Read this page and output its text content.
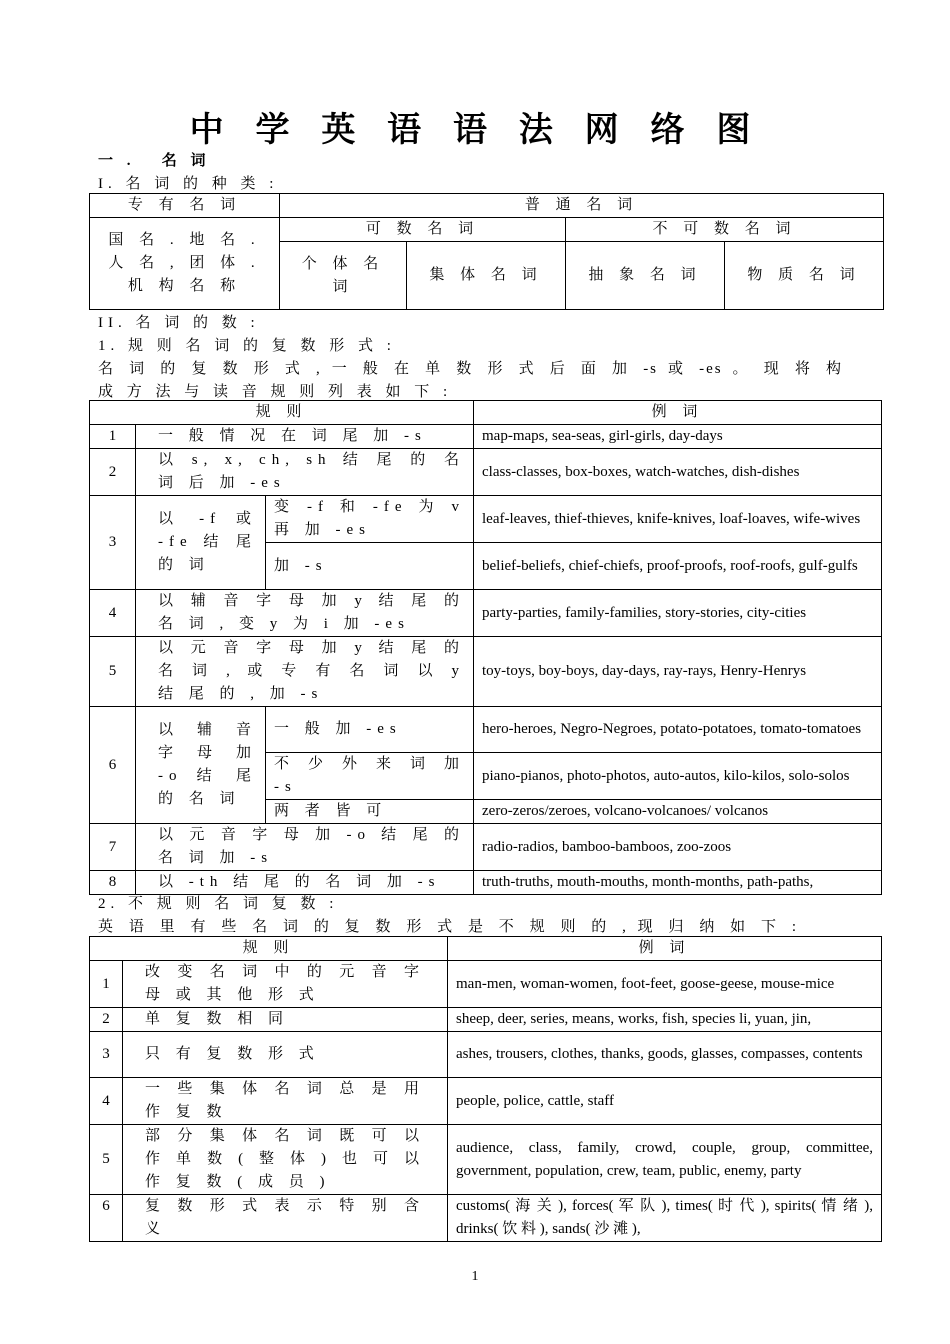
中 学 英 语 语 法 网 络 图
一 . 名 词
I. 名 词 的 种 类 :
专 有 名 词	普 通 名 词			
国 名 . 地 名 . 人 名 , 团 体 . 机 构 名 称	可 数 名 词		不 可 数 名 词	
	个 体 名 词	集 体 名 词	抽 象 名 词	物 质 名 词
II. 名 词 的 数 :
1. 规 则 名 词 的 复 数 形 式 :
名 词 的 复 数 形 式 , 一 般 在 单 数 形 式 后 面 加 -s 或 -es 。 现 将 构
成 方 法 与 读 音 规 则 列 表 如 下 :
规 则			例 词
1	一 般 情 况 在 词 尾 加 -s		map-maps, sea-seas, girl-girls, day-days
2	以 s, x, ch, sh 结 尾 的 名 词 后 加 -es		class-classes, box-boxes, watch-watches, dish-dishes
3	以 -f 或 -fe 结 尾 的 词	变 -f 和 -fe 为 v 再 加 -es	leaf-leaves, thief-thieves, knife-knives, loaf-loaves, wife-wives
		加 -s	belief-beliefs, chief-chiefs, proof-proofs, roof-roofs, gulf-gulfs
4	以 辅 音 字 母 加 y 结 尾 的 名 词 , 变 y 为 i 加 -es		party-parties, family-families, story-stories, city-cities
5	以 元 音 字 母 加 y 结 尾 的 名 词 , 或 专 有 名 词 以 y 结 尾 的 , 加 -s		toy-toys, boy-boys, day-days, ray-rays, Henry-Henrys
6	以 辅 音 字 母 加 -o 结 尾 的 名 词	一 般 加 -es	hero-heroes, Negro-Negroes, potato-potatoes, tomato-tomatoes
		不 少 外 来 词 加 -s	piano-pianos, photo-photos, auto-autos, kilo-kilos, solo-solos
		两 者 皆 可	zero-zeros/zeroes, volcano-volcanoes/ volcanos
7	以 元 音 字 母 加 -o 结 尾 的 名 词 加 -s		radio-radios, bamboo-bamboos, zoo-zoos
8	以 -th 结 尾 的 名 词 加 -s		truth-truths, mouth-mouths, month-months, path-paths,
2. 不 规 则 名 词 复 数 :
英 语 里 有 些 名 词 的 复 数 形 式 是 不 规 则 的 , 现 归 纳 如 下 :
规 则		例 词
1	改 变 名 词 中 的 元 音 字 母 或 其 他 形 式	man-men, woman-women, foot-feet, goose-geese, mouse-mice
2	单 复 数 相 同	sheep, deer, series, means, works, fish, species li, yuan, jin,
3	只 有 复 数 形 式	ashes, trousers, clothes, thanks, goods, glasses, compasses, contents
4	一 些 集 体 名 词 总 是 用 作 复 数	people, police, cattle, staff
5	部 分 集 体 名 词 既 可 以 作 单 数 ( 整 体 ) 也 可 以 作 复 数 ( 成 员 )	audience, class, family, crowd, couple, group, committee, government, population, crew, team, public, enemy, party
6	复 数 形 式 表 示 特 别 含 义	customs( 海 关 ), forces( 军 队 ), times( 时 代 ), spirits( 情 绪 ), drinks( 饮 料 ), sands( 沙 滩 ),
1
